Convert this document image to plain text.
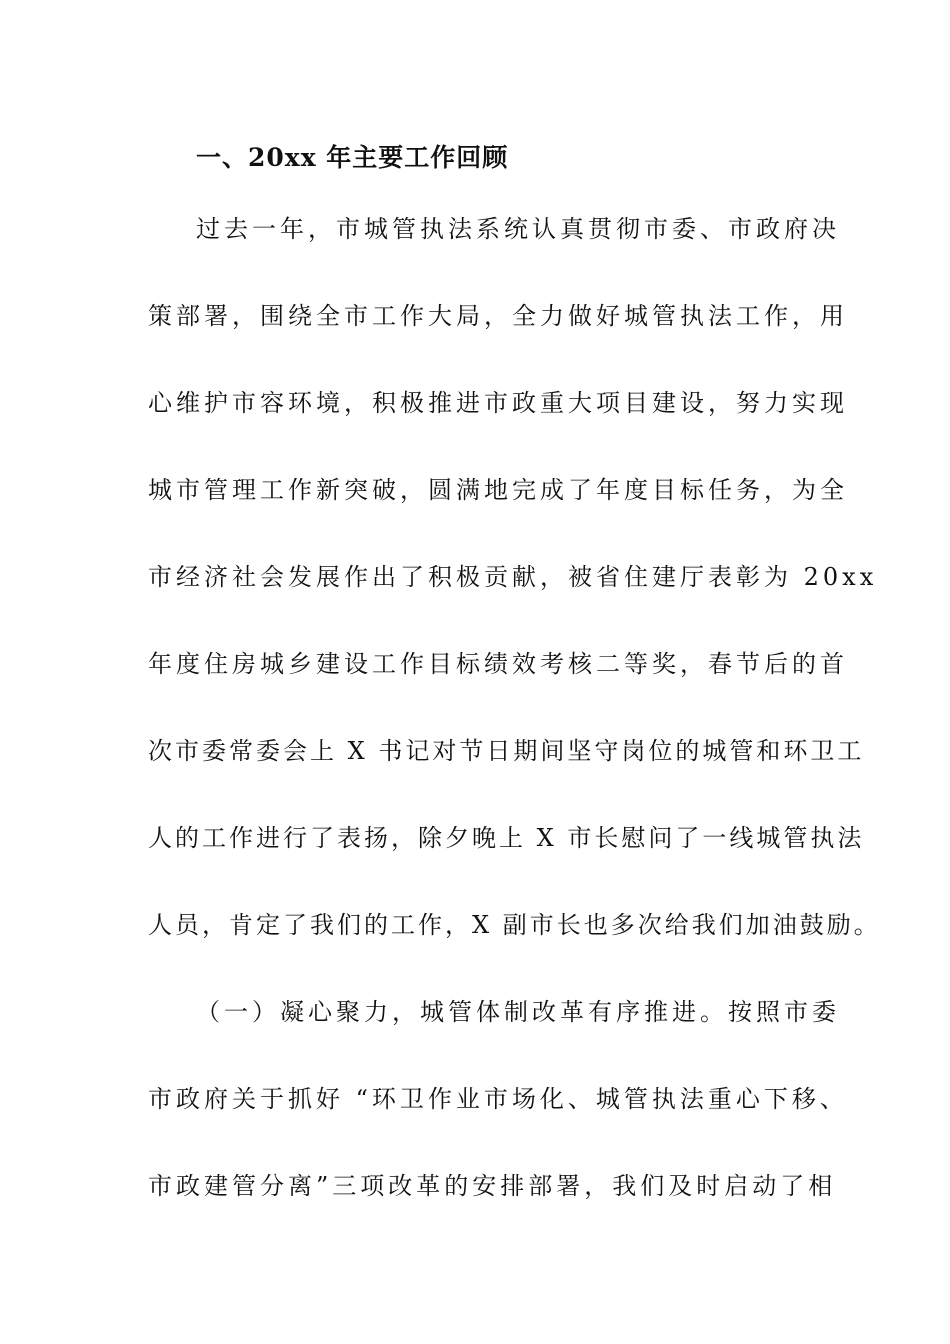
一、20xx 年主要工作回顾
过去一年，市城管执法系统认真贯彻市委、市政府决
策部署，围绕全市工作大局，全力做好城管执法工作，用
心维护市容环境，积极推进市政重大项目建设，努力实现
城市管理工作新突破，圆满地完成了年度目标任务，为全
市经济社会发展作出了积极贡献，被省住建厅表彰为 20xx
年度住房城乡建设工作目标绩效考核二等奖，春节后的首
次市委常委会上 X 书记对节日期间坚守岗位的城管和环卫工
人的工作进行了表扬，除夕晚上 X 市长慰问了一线城管执法
人员，肯定了我们的工作，X 副市长也多次给我们加油鼓励。
（一）凝心聚力，城管体制改革有序推进。按照市委
市政府关于抓好 “环卫作业市场化、城管执法重心下移、
市政建管分离”三项改革的安排部署，我们及时启动了相
